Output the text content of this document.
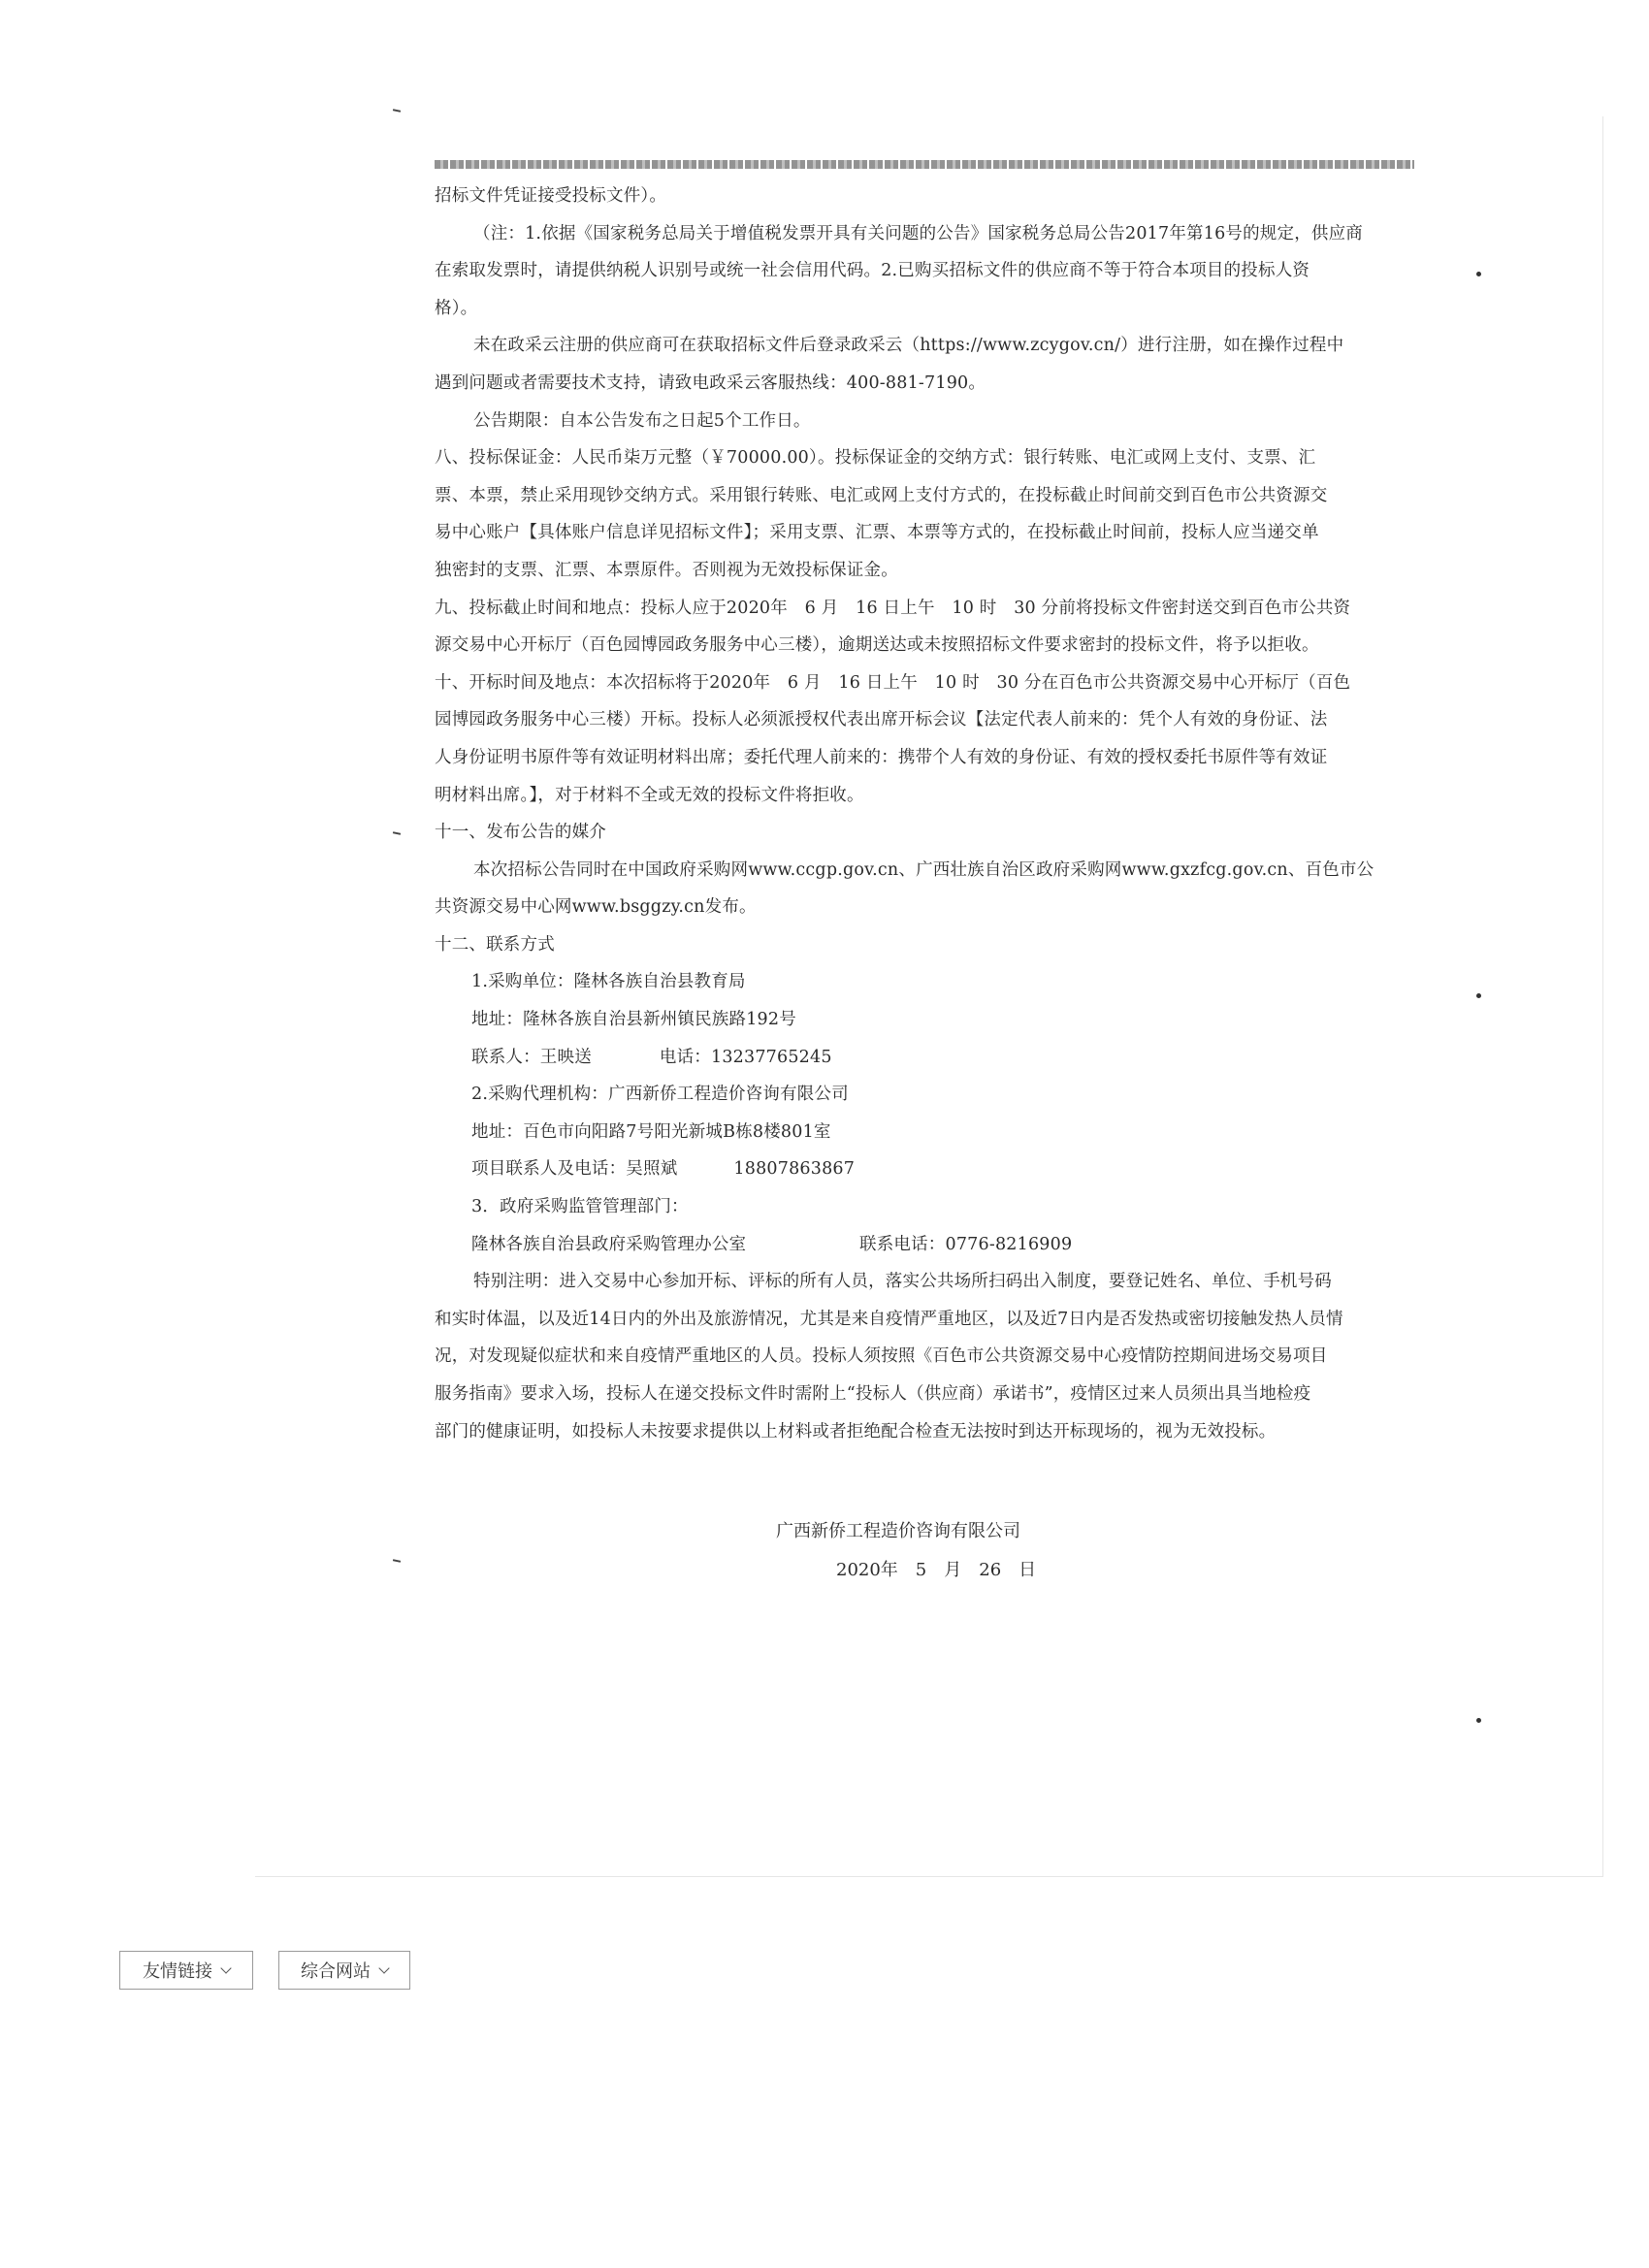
招标文件凭证接受投标文件）。

（注：1.依据《国家税务总局关于增值税发票开具有关问题的公告》国家税务总局公告2017年第16号的规定，供应商

在索取发票时，请提供纳税人识别号或统一社会信用代码。2.已购买招标文件的供应商不等于符合本项目的投标人资

格）。

未在政采云注册的供应商可在获取招标文件后登录政采云（https://www.zcygov.cn/）进行注册，如在操作过程中

遇到问题或者需要技术支持，请致电政采云客服热线：400-881-7190。

公告期限：自本公告发布之日起5个工作日。

八、投标保证金：人民币柒万元整（￥70000.00）。投标保证金的交纳方式：银行转账、电汇或网上支付、支票、汇

票、本票，禁止采用现钞交纳方式。采用银行转账、电汇或网上支付方式的，在投标截止时间前交到百色市公共资源交

易中心账户【具体账户信息详见招标文件】；采用支票、汇票、本票等方式的，在投标截止时间前，投标人应当递交单

独密封的支票、汇票、本票原件。否则视为无效投标保证金。

九、投标截止时间和地点：投标人应于2020年　6 月　16 日上午　10 时　30 分前将投标文件密封送交到百色市公共资

源交易中心开标厅（百色园博园政务服务中心三楼），逾期送达或未按照招标文件要求密封的投标文件，将予以拒收。

十、开标时间及地点：本次招标将于2020年　6 月　16 日上午　10 时　30 分在百色市公共资源交易中心开标厅（百色

园博园政务服务中心三楼）开标。投标人必须派授权代表出席开标会议【法定代表人前来的：凭个人有效的身份证、法

人身份证明书原件等有效证明材料出席；委托代理人前来的：携带个人有效的身份证、有效的授权委托书原件等有效证

明材料出席。】，对于材料不全或无效的投标文件将拒收。

十一、发布公告的媒介

本次招标公告同时在中国政府采购网www.ccgp.gov.cn、广西壮族自治区政府采购网www.gxzfcg.gov.cn、百色市公

共资源交易中心网www.bsggzy.cn发布。

十二、联系方式

1.采购单位：隆林各族自治县教育局

地址：隆林各族自治县新州镇民族路192号

联系人：王映送	电话：13237765245

2.采购代理机构：广西新侨工程造价咨询有限公司

地址：百色市向阳路7号阳光新城B栋8楼801室

项目联系人及电话：吴照斌	18807863867

3．政府采购监管管理部门：

隆林各族自治县政府采购管理办公室	联系电话：0776-8216909

特别注明：进入交易中心参加开标、评标的所有人员，落实公共场所扫码出入制度，要登记姓名、单位、手机号码

和实时体温，以及近14日内的外出及旅游情况，尤其是来自疫情严重地区，以及近7日内是否发热或密切接触发热人员情

况，对发现疑似症状和来自疫情严重地区的人员。投标人须按照《百色市公共资源交易中心疫情防控期间进场交易项目

服务指南》要求入场，投标人在递交投标文件时需附上“投标人（供应商）承诺书”，疫情区过来人员须出具当地检疫

部门的健康证明，如投标人未按要求提供以上材料或者拒绝配合检查无法按时到达开标现场的，视为无效投标。

广西新侨工程造价咨询有限公司
2020年　5　月　26　日
友情链接	综合网站
